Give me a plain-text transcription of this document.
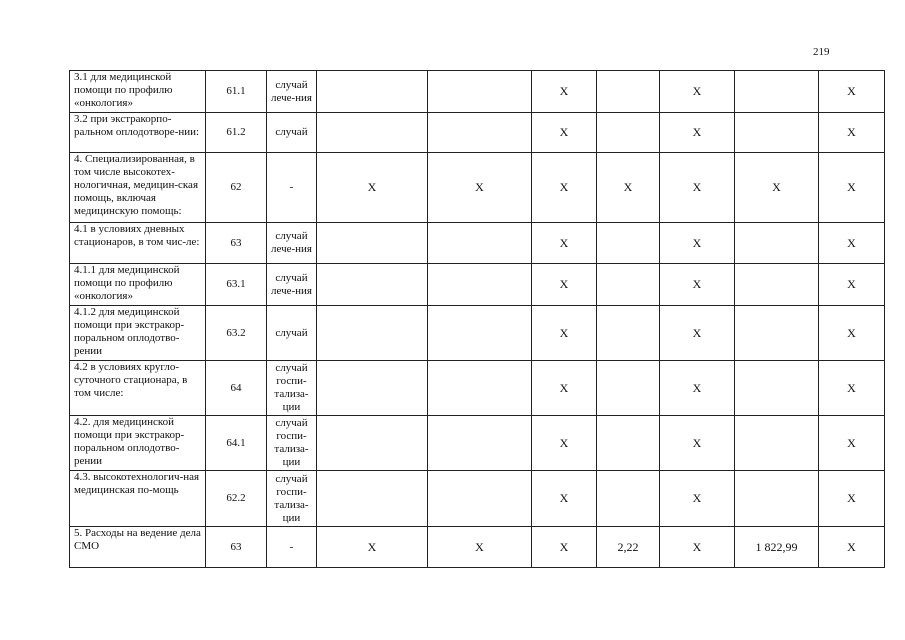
219
3.1 для медицинской помощи по профилю «онкология»	61.1	случай лече-ния			X		X		X
3.2 при экстракорпо-ральном оплодотворе-нии:	61.2	случай			X		X		X
4. Специализированная, в том числе высокотех-нологичная, медицин-ская помощь, включая медицинскую помощь:	62	-	X	X	X	X	X	X	X
4.1 в условиях дневных стационаров, в том чис-ле:	63	случай лече-ния			X		X		X
4.1.1 для медицинской помощи по профилю «онкология»	63.1	случай лече-ния			X		X		X
4.1.2 для медицинской помощи при экстракор-поральном оплодотво-рении	63.2	случай			X		X		X
4.2 в условиях кругло-суточного стационара, в том числе:	64	случай госпи-тализа-ции			X		X		X
4.2. для медицинской помощи при экстракор-поральном оплодотво-рении	64.1	случай госпи-тализа-ции			X		X		X
4.3. высокотехнологич-ная медицинская по-мощь	62.2	случай госпи-тализа-ции			X		X		X
5. Расходы на ведение дела СМО	63	-	X	X	X	2,22	X	1 822,99	X
